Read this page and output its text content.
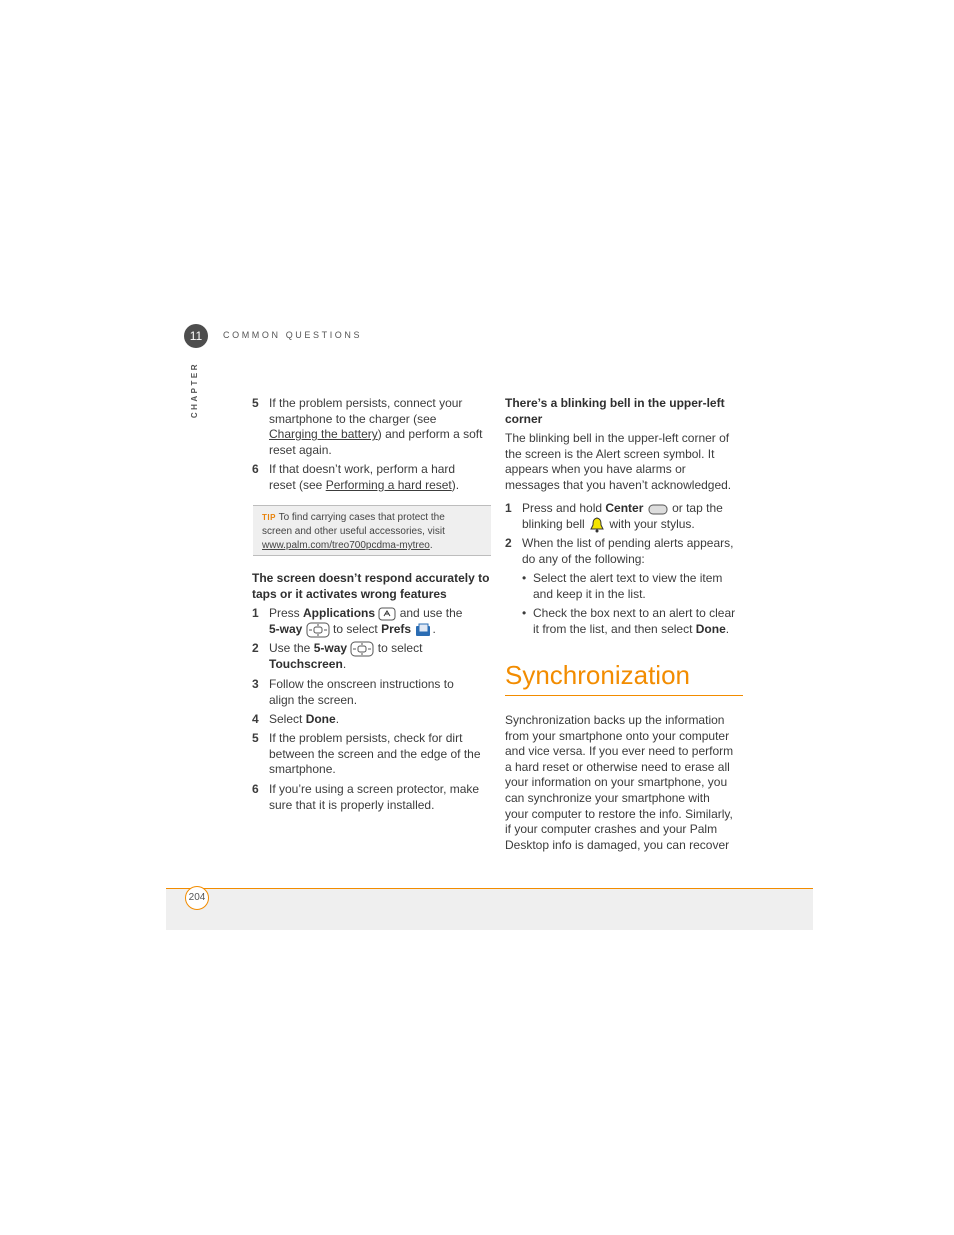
11
CHAPTER
COMMON QUESTIONS
5 If the problem persists, connect your
smartphone to the charger (see
Charging the battery) and perform a soft
reset again.
6 If that doesn’t work, perform a hard
reset (see Performing a hard reset).
TIP To find carrying cases that protect the
screen and other useful accessories, visit
www.palm.com/treo700pcdma-mytreo.
The screen doesn’t respond accurately to
taps or it activates wrong features
1 Press Applications  and use the
5-way  to select Prefs .
2 Use the 5-way  to select
Touchscreen.
3 Follow the onscreen instructions to
align the screen.
4 Select Done.
5 If the problem persists, check for dirt
between the screen and the edge of the
smartphone.
6 If you’re using a screen protector, make
sure that it is properly installed.
There’s a blinking bell in the upper-left
corner
The blinking bell in the upper-left corner of
the screen is the Alert screen symbol. It
appears when you have alarms or
messages that you haven’t acknowledged.
1 Press and hold Center  or tap the
blinking bell  with your stylus.
2 When the list of pending alerts appears,
do any of the following:
• Select the alert text to view the item
and keep it in the list.
• Check the box next to an alert to clear
it from the list, and then select Done.
Synchronization
Synchronization backs up the information
from your smartphone onto your computer
and vice versa. If you ever need to perform
a hard reset or otherwise need to erase all
your information on your smartphone, you
can synchronize your smartphone with
your computer to restore the info. Similarly,
if your computer crashes and your Palm
Desktop info is damaged, you can recover
204
